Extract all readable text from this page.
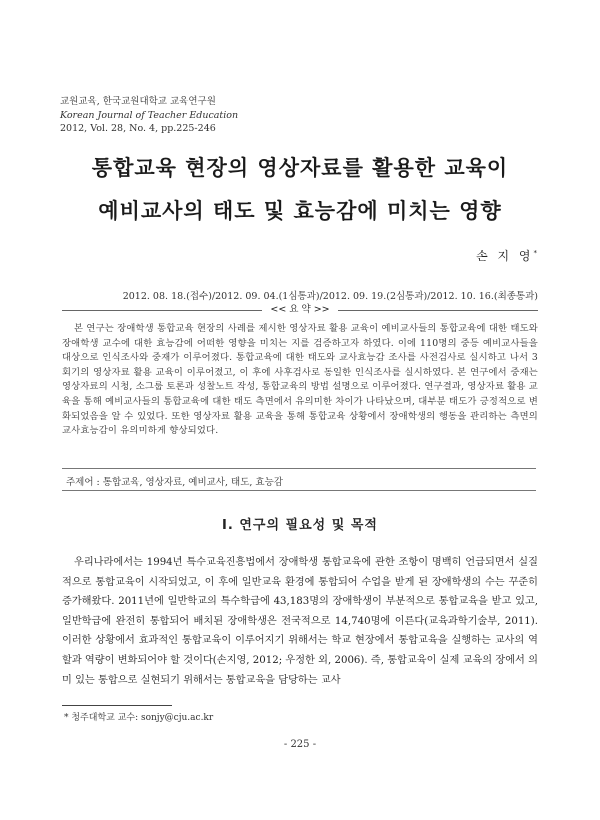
교원교육, 한국교원대학교 교육연구원
Korean Journal of Teacher Education
2012, Vol. 28, No. 4, pp.225-246
통합교육 현장의 영상자료를 활용한 교육이
예비교사의 태도 및 효능감에 미치는 영향
손 지 영*
2012. 08. 18.(접수)/2012. 09. 04.(1심통과)/2012. 09. 19.(2심통과)/2012. 10. 16.(최종통과)
<< 요 약 >>
본 연구는 장애학생 통합교육 현장의 사례를 제시한 영상자료 활용 교육이 예비교사들의 통합교육에 대한 태도와 장애학생 교수에 대한 효능감에 어떠한 영향을 미치는 지를 검증하고자 하였다. 이에 110명의 중등 예비교사들을 대상으로 인식조사와 중재가 이루어졌다. 통합교육에 대한 태도와 교사효능감 조사를 사전검사로 실시하고 나서 3회기의 영상자료 활용 교육이 이루어졌고, 이 후에 사후검사로 동일한 인식조사를 실시하였다. 본 연구에서 중재는 영상자료의 시청, 소그룹 토론과 성찰노트 작성, 통합교육의 방법 설명으로 이루어졌다. 연구결과, 영상자료 활용 교육을 통해 예비교사들의 통합교육에 대한 태도 측면에서 유의미한 차이가 나타났으며, 대부분 태도가 긍정적으로 변화되었음을 알 수 있었다. 또한 영상자료 활용 교육을 통해 통합교육 상황에서 장애학생의 행동을 관리하는 측면의 교사효능감이 유의미하게 향상되었다.
주제어 : 통합교육, 영상자료, 예비교사, 태도, 효능감
Ⅰ. 연구의 필요성 및 목적
우리나라에서는 1994년 특수교육진흥법에서 장애학생 통합교육에 관한 조항이 명백히 언급되면서 실질적으로 통합교육이 시작되었고, 이 후에 일반교육 환경에 통합되어 수업을 받게 된 장애학생의 수는 꾸준히 증가해왔다. 2011년에 일반학교의 특수학급에 43,183명의 장애학생이 부분적으로 통합교육을 받고 있고, 일반학급에 완전히 통합되어 배치된 장애학생은 전국적으로 14,740명에 이른다(교육과학기술부, 2011). 이러한 상황에서 효과적인 통합교육이 이루어지기 위해서는 학교 현장에서 통합교육을 실행하는 교사의 역할과 역량이 변화되어야 할 것이다(손지영, 2012; 우정한 외, 2006). 즉, 통합교육이 실제 교육의 장에서 의미 있는 통합으로 실현되기 위해서는 통합교육을 담당하는 교사
* 청주대학교 교수: sonjy@cju.ac.kr
- 225 -
